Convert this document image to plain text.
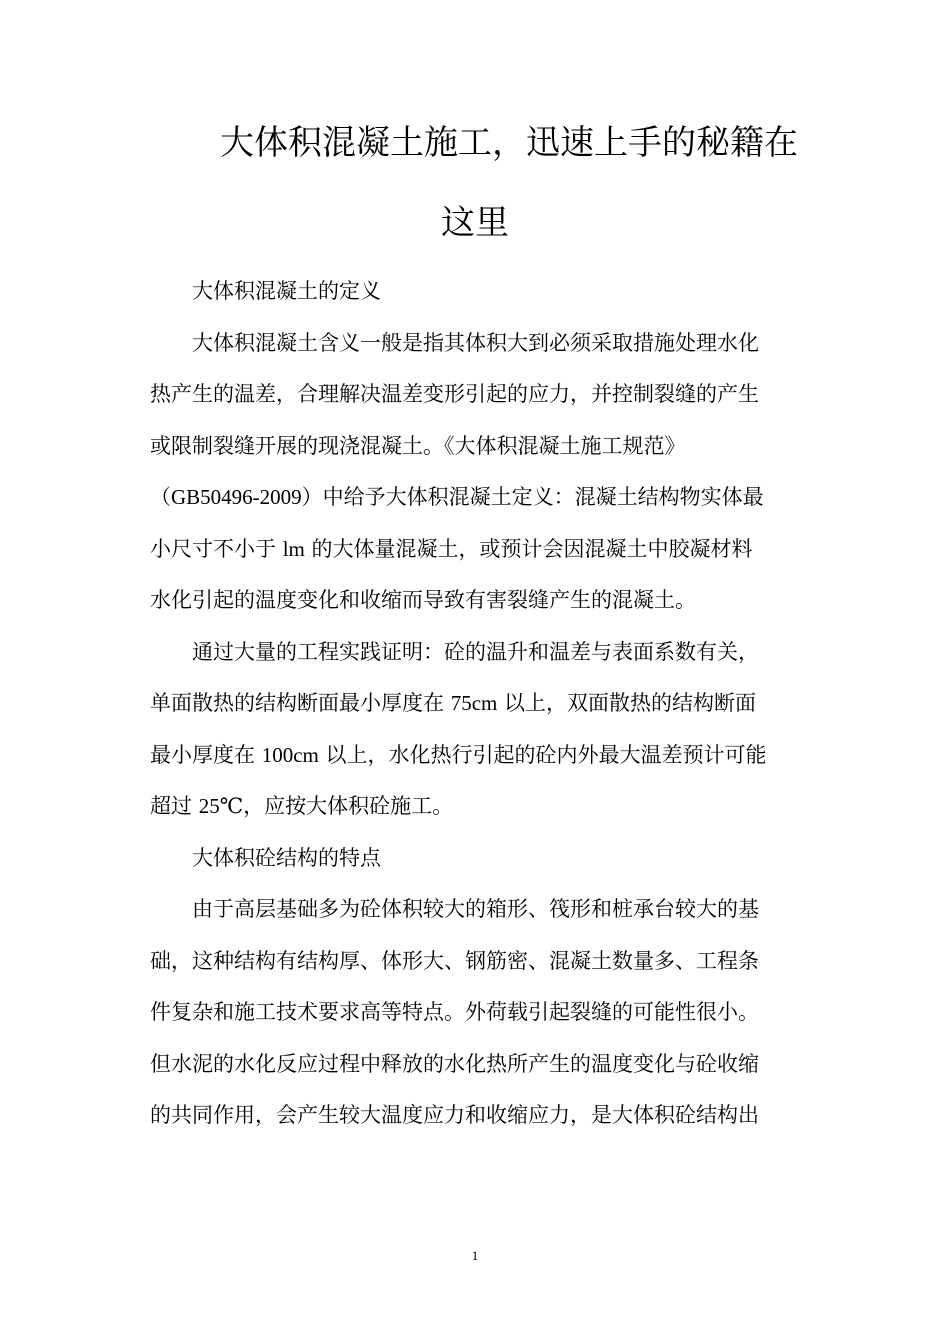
大体积混凝土施工，迅速上手的秘籍在
这里

大体积混凝土的定义

大体积混凝土含义一般是指其体积大到必须采取措施处理水化
热产生的温差，合理解决温差变形引起的应力，并控制裂缝的产生
或限制裂缝开展的现浇混凝土。《大体积混凝土施工规范》
（GB50496-2009）中给予大体积混凝土定义：混凝土结构物实体最
小尺寸不小于 lm 的大体量混凝土，或预计会因混凝土中胶凝材料
水化引起的温度变化和收缩而导致有害裂缝产生的混凝土。

通过大量的工程实践证明：砼的温升和温差与表面系数有关，
单面散热的结构断面最小厚度在 75cm 以上，双面散热的结构断面
最小厚度在 100cm 以上，水化热行引起的砼内外最大温差预计可能
超过 25℃，应按大体积砼施工。

大体积砼结构的特点

由于高层基础多为砼体积较大的箱形、筏形和桩承台较大的基
础，这种结构有结构厚、体形大、钢筋密、混凝土数量多、工程条
件复杂和施工技术要求高等特点。外荷载引起裂缝的可能性很小。
但水泥的水化反应过程中释放的水化热所产生的温度变化与砼收缩
的共同作用，会产生较大温度应力和收缩应力，是大体积砼结构出

1
